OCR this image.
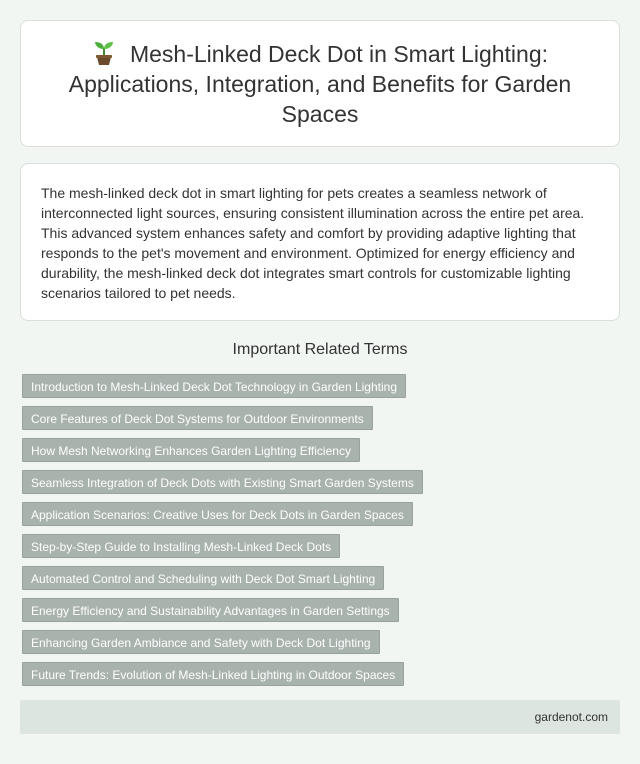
Mesh-Linked Deck Dot in Smart Lighting: Applications, Integration, and Benefits for Garden Spaces

The mesh-linked deck dot in smart lighting for pets creates a seamless network of interconnected light sources, ensuring consistent illumination across the entire pet area. This advanced system enhances safety and comfort by providing adaptive lighting that responds to the pet's movement and environment. Optimized for energy efficiency and durability, the mesh-linked deck dot integrates smart controls for customizable lighting scenarios tailored to pet needs.

Important Related Terms
Introduction to Mesh-Linked Deck Dot Technology in Garden Lighting
Core Features of Deck Dot Systems for Outdoor Environments
How Mesh Networking Enhances Garden Lighting Efficiency
Seamless Integration of Deck Dots with Existing Smart Garden Systems
Application Scenarios: Creative Uses for Deck Dots in Garden Spaces
Step-by-Step Guide to Installing Mesh-Linked Deck Dots
Automated Control and Scheduling with Deck Dot Smart Lighting
Energy Efficiency and Sustainability Advantages in Garden Settings
Enhancing Garden Ambiance and Safety with Deck Dot Lighting
Future Trends: Evolution of Mesh-Linked Lighting in Outdoor Spaces
gardenot.com
